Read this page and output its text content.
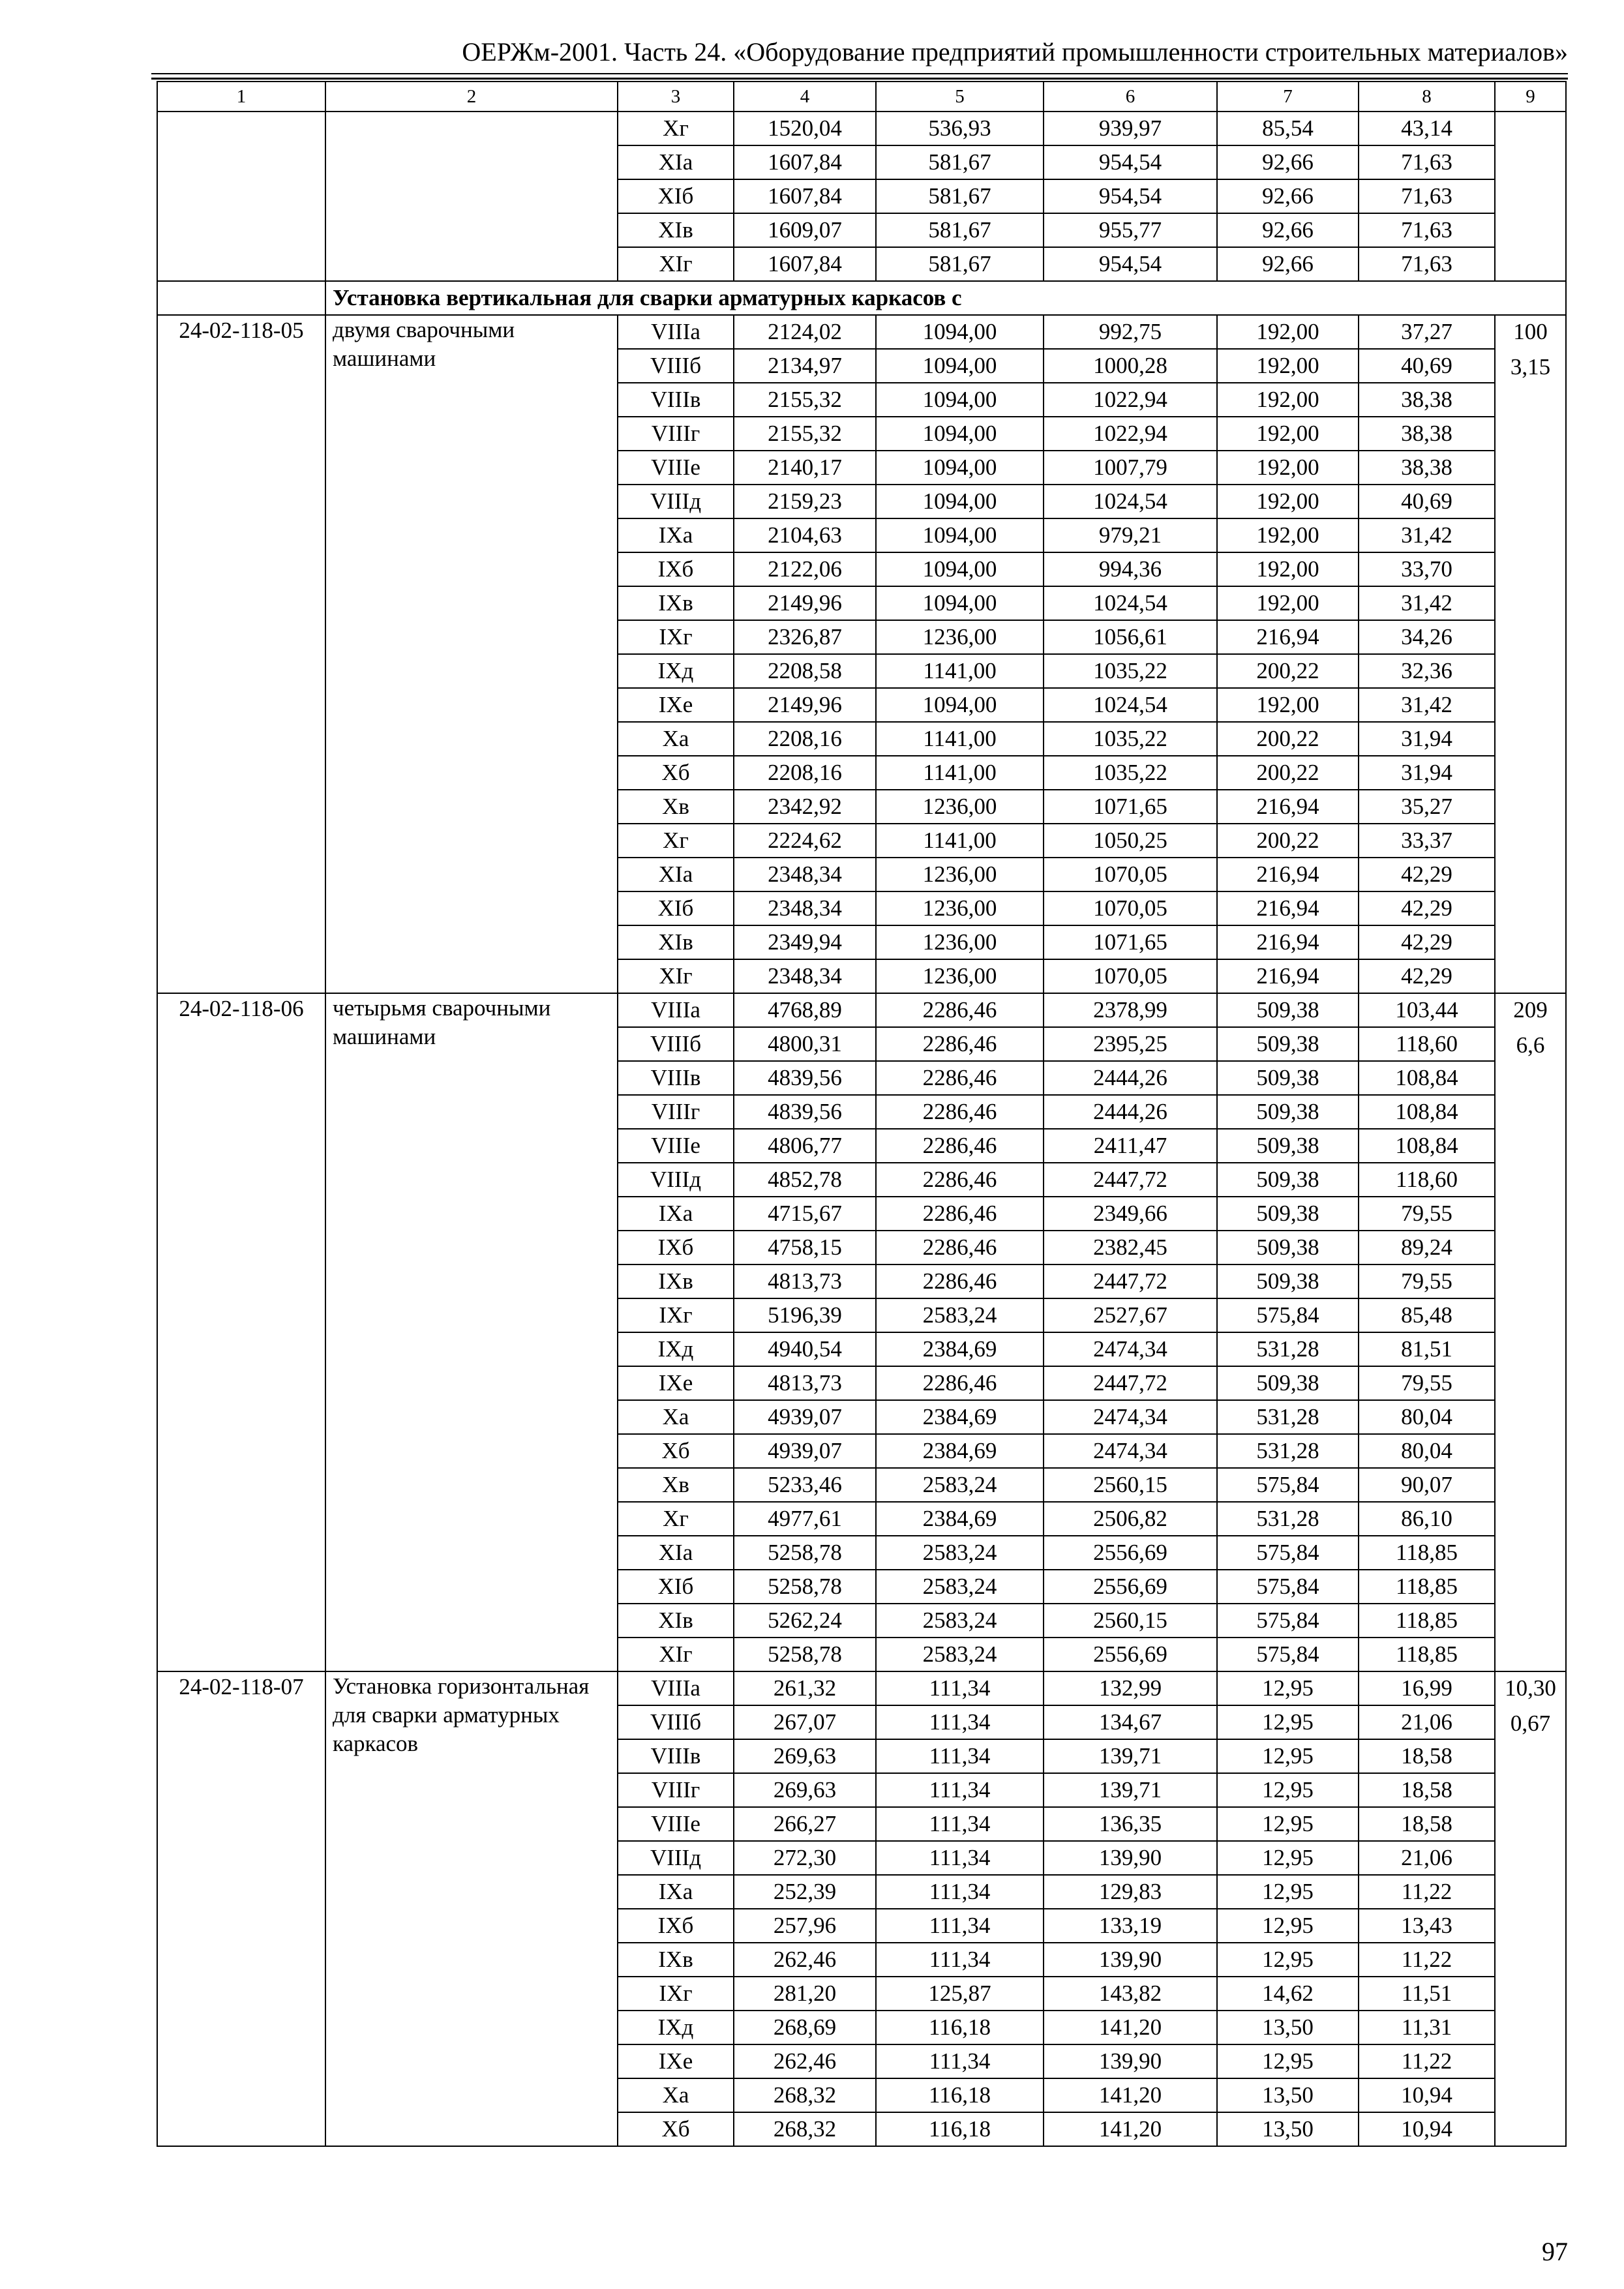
ОЕРЖм-2001. Часть 24. «Оборудование предприятий промышленности строительных материалов»
1	2	3	4	5	6	7	8	9
		Xг	1520,04	536,93	939,97	85,54	43,14	
		XIа	1607,84	581,67	954,54	92,66	71,63	
		XIб	1607,84	581,67	954,54	92,66	71,63	
		XIв	1609,07	581,67	955,77	92,66	71,63	
		XIг	1607,84	581,67	954,54	92,66	71,63	
	Установка вертикальная для сварки арматурных каркасов с							
24-02-118-05	двумя сварочными машинами	VIIIа	2124,02	1094,00	992,75	192,00	37,27	100
3,15

		VIIIб	2134,97	1094,00	1000,28	192,00	40,69	
		VIIIв	2155,32	1094,00	1022,94	192,00	38,38	
		VIIIг	2155,32	1094,00	1022,94	192,00	38,38	
		VIIIе	2140,17	1094,00	1007,79	192,00	38,38	
		VIIIд	2159,23	1094,00	1024,54	192,00	40,69	
		IXа	2104,63	1094,00	979,21	192,00	31,42	
		IXб	2122,06	1094,00	994,36	192,00	33,70	
		IXв	2149,96	1094,00	1024,54	192,00	31,42	
		IXг	2326,87	1236,00	1056,61	216,94	34,26	
		IXд	2208,58	1141,00	1035,22	200,22	32,36	
		IXе	2149,96	1094,00	1024,54	192,00	31,42	
		Xа	2208,16	1141,00	1035,22	200,22	31,94	
		Xб	2208,16	1141,00	1035,22	200,22	31,94	
		Xв	2342,92	1236,00	1071,65	216,94	35,27	
		Xг	2224,62	1141,00	1050,25	200,22	33,37	
		XIа	2348,34	1236,00	1070,05	216,94	42,29	
		XIб	2348,34	1236,00	1070,05	216,94	42,29	
		XIв	2349,94	1236,00	1071,65	216,94	42,29	
		XIг	2348,34	1236,00	1070,05	216,94	42,29	
24-02-118-06	четырьмя сварочными машинами	VIIIа	4768,89	2286,46	2378,99	509,38	103,44	209
6,6

		VIIIб	4800,31	2286,46	2395,25	509,38	118,60	
		VIIIв	4839,56	2286,46	2444,26	509,38	108,84	
		VIIIг	4839,56	2286,46	2444,26	509,38	108,84	
		VIIIе	4806,77	2286,46	2411,47	509,38	108,84	
		VIIIд	4852,78	2286,46	2447,72	509,38	118,60	
		IXа	4715,67	2286,46	2349,66	509,38	79,55	
		IXб	4758,15	2286,46	2382,45	509,38	89,24	
		IXв	4813,73	2286,46	2447,72	509,38	79,55	
		IXг	5196,39	2583,24	2527,67	575,84	85,48	
		IXд	4940,54	2384,69	2474,34	531,28	81,51	
		IXе	4813,73	2286,46	2447,72	509,38	79,55	
		Xа	4939,07	2384,69	2474,34	531,28	80,04	
		Xб	4939,07	2384,69	2474,34	531,28	80,04	
		Xв	5233,46	2583,24	2560,15	575,84	90,07	
		Xг	4977,61	2384,69	2506,82	531,28	86,10	
		XIа	5258,78	2583,24	2556,69	575,84	118,85	
		XIб	5258,78	2583,24	2556,69	575,84	118,85	
		XIв	5262,24	2583,24	2560,15	575,84	118,85	
		XIг	5258,78	2583,24	2556,69	575,84	118,85	
24-02-118-07	Установка горизонтальная для сварки арматурных каркасов	VIIIа	261,32	111,34	132,99	12,95	16,99	10,30
0,67

		VIIIб	267,07	111,34	134,67	12,95	21,06	
		VIIIв	269,63	111,34	139,71	12,95	18,58	
		VIIIг	269,63	111,34	139,71	12,95	18,58	
		VIIIе	266,27	111,34	136,35	12,95	18,58	
		VIIIд	272,30	111,34	139,90	12,95	21,06	
		IXа	252,39	111,34	129,83	12,95	11,22	
		IXб	257,96	111,34	133,19	12,95	13,43	
		IXв	262,46	111,34	139,90	12,95	11,22	
		IXг	281,20	125,87	143,82	14,62	11,51	
		IXд	268,69	116,18	141,20	13,50	11,31	
		IXе	262,46	111,34	139,90	12,95	11,22	
		Xа	268,32	116,18	141,20	13,50	10,94	
		Xб	268,32	116,18	141,20	13,50	10,94	
97
